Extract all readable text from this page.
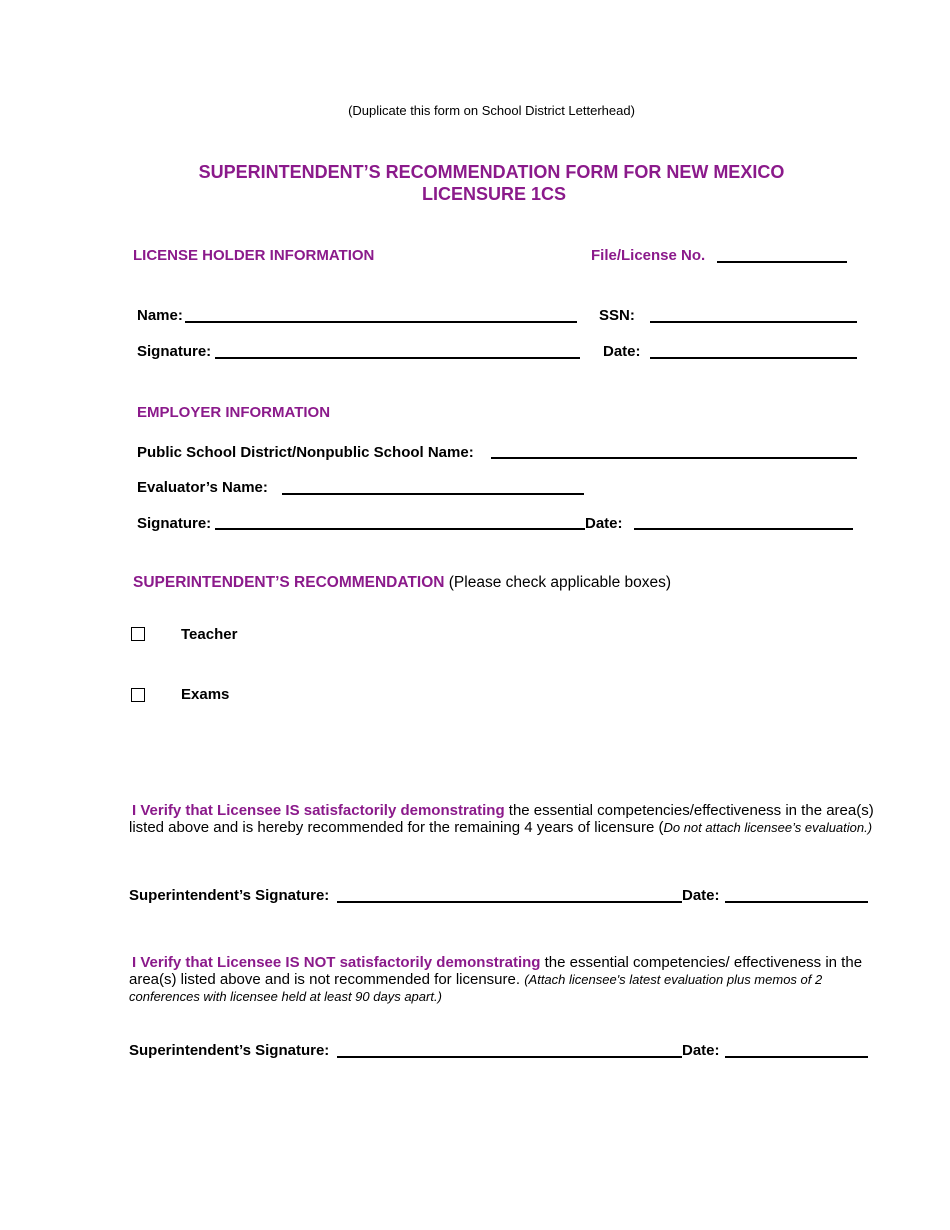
(Duplicate this form on School District Letterhead)
SUPERINTENDENT’S RECOMMENDATION FORM FOR NEW MEXICO
LICENSURE 1CS
LICENSE HOLDER INFORMATION	File/License No.
Name:	SSN:
Signature:	Date:
EMPLOYER INFORMATION
Public School District/Nonpublic School Name:
Evaluator’s Name:
Signature:	Date:
SUPERINTENDENT’S RECOMMENDATION (Please check applicable boxes)
Teacher
Exams
I Verify that Licensee IS satisfactorily demonstrating the essential competencies/effectiveness in the area(s) listed above and is hereby recommended for the remaining 4 years of licensure (Do not attach licensee’s evaluation.)
Superintendent’s Signature:	Date:
I Verify that Licensee IS NOT satisfactorily demonstrating the essential competencies/ effectiveness in the area(s) listed above and is not recommended for licensure. (Attach licensee's latest evaluation plus memos of 2 conferences with licensee held at least 90 days apart.)
Superintendent’s Signature:	Date:
